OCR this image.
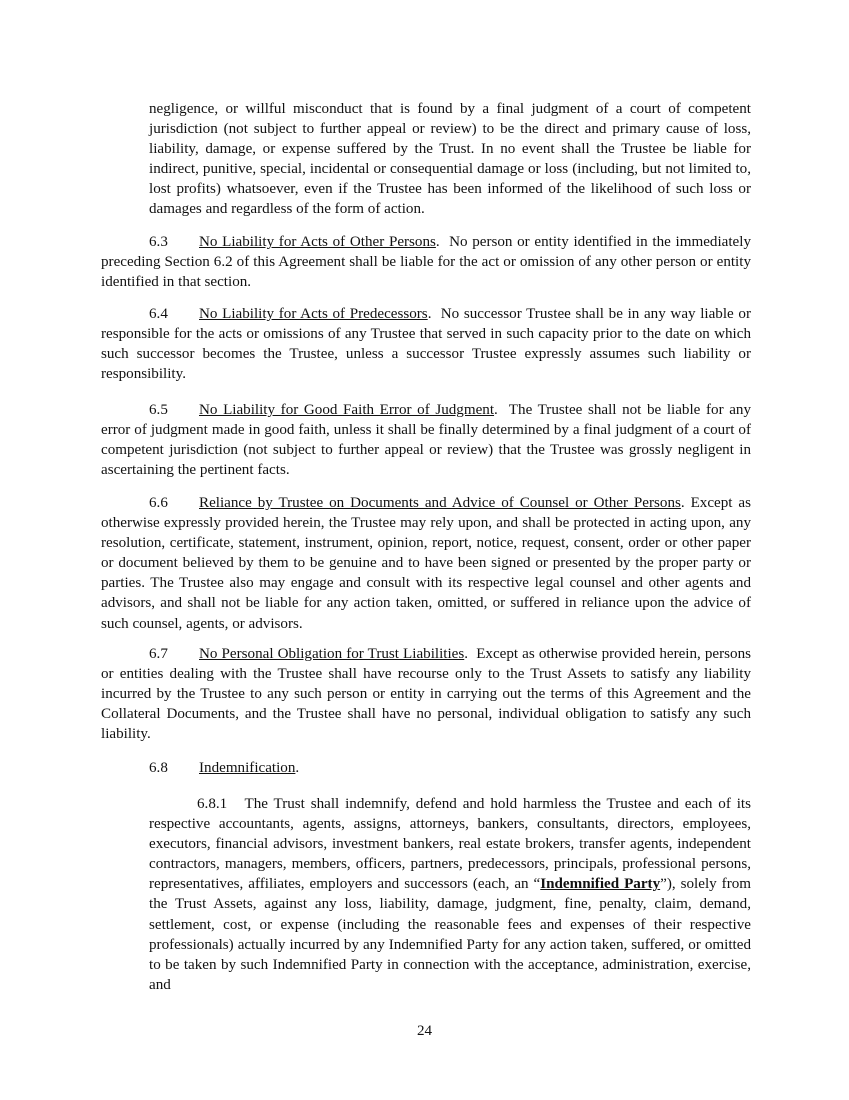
negligence, or willful misconduct that is found by a final judgment of a court of competent jurisdiction (not subject to further appeal or review) to be the direct and primary cause of loss, liability, damage, or expense suffered by the Trust. In no event shall the Trustee be liable for indirect, punitive, special, incidental or consequential damage or loss (including, but not limited to, lost profits) whatsoever, even if the Trustee has been informed of the likelihood of such loss or damages and regardless of the form of action.

6.3 No Liability for Acts of Other Persons.  No person or entity identified in the immediately preceding Section 6.2 of this Agreement shall be liable for the act or omission of any other person or entity identified in that section.

6.4 No Liability for Acts of Predecessors.  No successor Trustee shall be in any way liable or responsible for the acts or omissions of any Trustee that served in such capacity prior to the date on which such successor becomes the Trustee, unless a successor Trustee expressly assumes such liability or responsibility.

6.5 No Liability for Good Faith Error of Judgment.  The Trustee shall not be liable for any error of judgment made in good faith, unless it shall be finally determined by a final judgment of a court of competent jurisdiction (not subject to further appeal or review) that the Trustee was grossly negligent in ascertaining the pertinent facts.

6.6 Reliance by Trustee on Documents and Advice of Counsel or Other Persons. Except as otherwise expressly provided herein, the Trustee may rely upon, and shall be protected in acting upon, any resolution, certificate, statement, instrument, opinion, report, notice, request, consent, order or other paper or document believed by them to be genuine and to have been signed or presented by the proper party or parties. The Trustee also may engage and consult with its respective legal counsel and other agents and advisors, and shall not be liable for any action taken, omitted, or suffered in reliance upon the advice of such counsel, agents, or advisors.

6.7 No Personal Obligation for Trust Liabilities.  Except as otherwise provided herein, persons or entities dealing with the Trustee shall have recourse only to the Trust Assets to satisfy any liability incurred by the Trustee to any such person or entity in carrying out the terms of this Agreement and the Collateral Documents, and the Trustee shall have no personal, individual obligation to satisfy any such liability.

6.8 Indemnification.

6.8.1 The Trust shall indemnify, defend and hold harmless the Trustee and each of its respective accountants, agents, assigns, attorneys, bankers, consultants, directors, employees, executors, financial advisors, investment bankers, real estate brokers, transfer agents, independent contractors, managers, members, officers, partners, predecessors, principals, professional persons, representatives, affiliates, employers and successors (each, an “Indemnified Party”), solely from the Trust Assets, against any loss, liability, damage, judgment, fine, penalty, claim, demand, settlement, cost, or expense (including the reasonable fees and expenses of their respective professionals) actually incurred by any Indemnified Party for any action taken, suffered, or omitted to be taken by such Indemnified Party in connection with the acceptance, administration, exercise, and

24
